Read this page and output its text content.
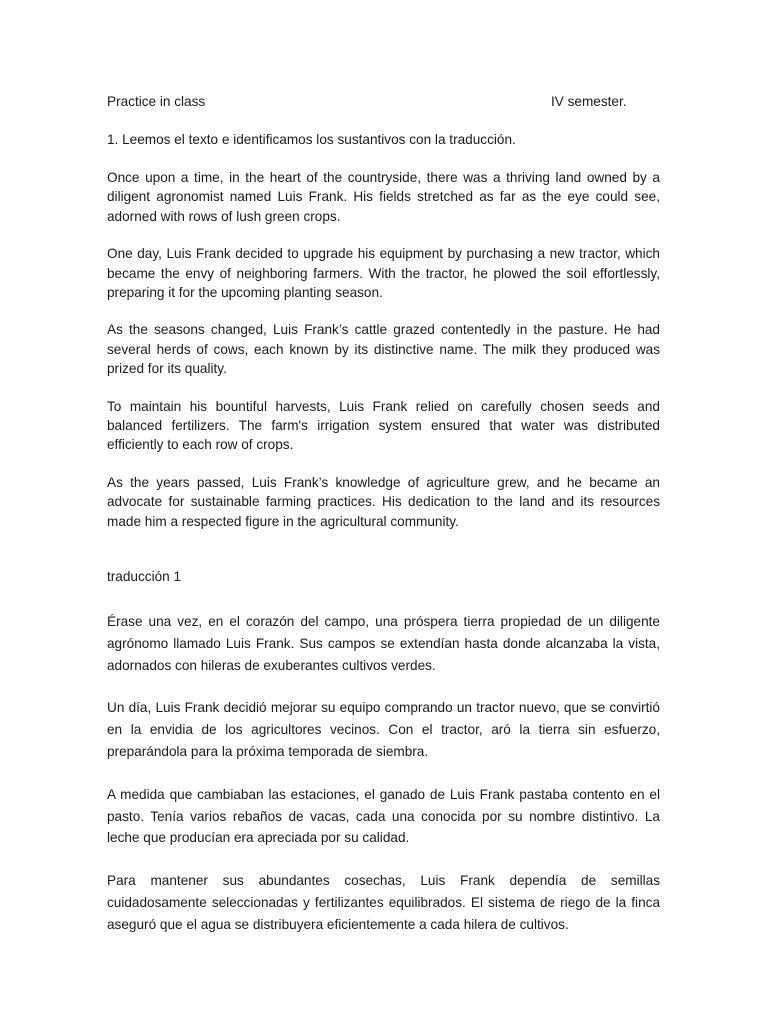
Practice in class	IV semester.
1. Leemos el texto e identificamos los sustantivos con la traducción.

Once upon a time, in the heart of the countryside, there was a thriving land owned by a diligent agronomist named Luis Frank. His fields stretched as far as the eye could see, adorned with rows of lush green crops.

One day, Luis Frank decided to upgrade his equipment by purchasing a new tractor, which became the envy of neighboring farmers. With the tractor, he plowed the soil effortlessly, preparing it for the upcoming planting season.

As the seasons changed, Luis Frank’s cattle grazed contentedly in the pasture. He had several herds of cows, each known by its distinctive name. The milk they produced was prized for its quality.

To maintain his bountiful harvests, Luis Frank relied on carefully chosen seeds and balanced fertilizers. The farm's irrigation system ensured that water was distributed efficiently to each row of crops.

As the years passed, Luis Frank’s knowledge of agriculture grew, and he became an advocate for sustainable farming practices. His dedication to the land and its resources made him a respected figure in the agricultural community.

traducción 1

Érase una vez, en el corazón del campo, una próspera tierra propiedad de un diligente agrónomo llamado Luis Frank. Sus campos se extendían hasta donde alcanzaba la vista, adornados con hileras de exuberantes cultivos verdes.

Un día, Luis Frank decidió mejorar su equipo comprando un tractor nuevo, que se convirtió en la envidia de los agricultores vecinos. Con el tractor, aró la tierra sin esfuerzo, preparándola para la próxima temporada de siembra.

A medida que cambiaban las estaciones, el ganado de Luis Frank pastaba contento en el pasto. Tenía varios rebaños de vacas, cada una conocida por su nombre distintivo. La leche que producían era apreciada por su calidad.

Para mantener sus abundantes cosechas, Luis Frank dependía de semillas cuidadosamente seleccionadas y fertilizantes equilibrados. El sistema de riego de la finca aseguró que el agua se distribuyera eficientemente a cada hilera de cultivos.
